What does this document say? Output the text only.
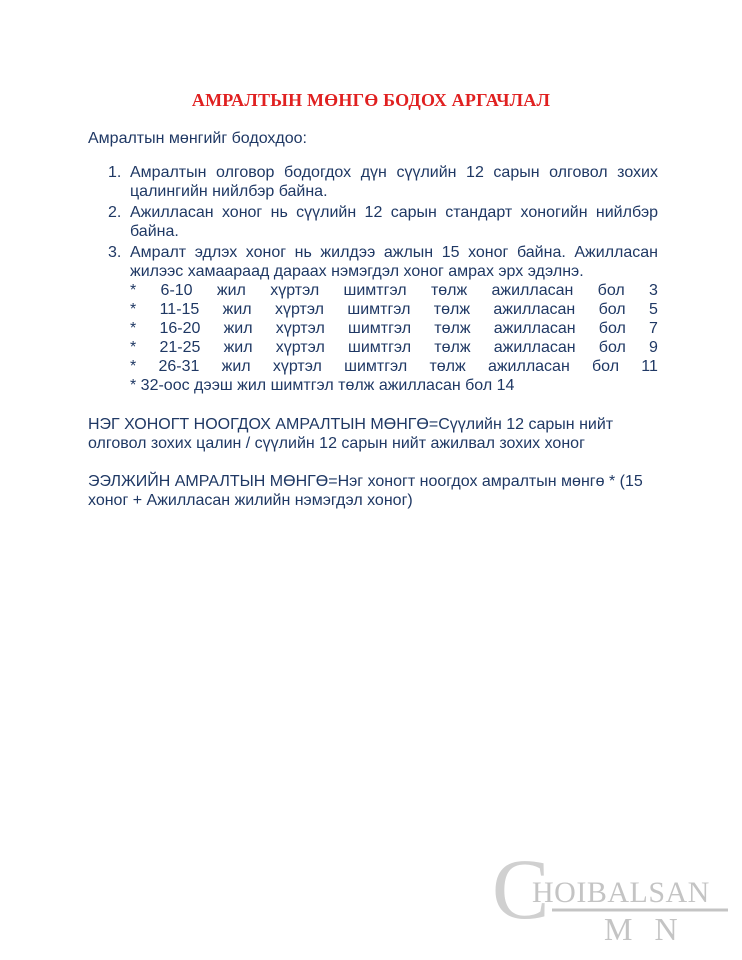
АМРАЛТЫН МӨНГӨ БОДОХ АРГАЧЛАЛ
Амралтын мөнгийг бодохдоо:
1. Амралтын олговор бодогдох дүн сүүлийн 12 сарын олговол зохих цалингийн нийлбэр байна.
2. Ажилласан хоног нь сүүлийн 12 сарын стандарт хоногийн нийлбэр байна.
3. Амралт эдлэх хоног нь жилдээ ажлын 15 хоног байна. Ажилласан жилээс хамаараад дараах нэмэгдэл хоног амрах эрх эдэлнэ.
* 6-10 жил хүртэл шимтгэл төлж ажилласан бол 3
* 11-15 жил хүртэл шимтгэл төлж ажилласан бол 5
* 16-20 жил хүртэл шимтгэл төлж ажилласан бол 7
* 21-25 жил хүртэл шимтгэл төлж ажилласан бол 9
* 26-31 жил хүртэл шимтгэл төлж ажилласан бол 11
* 32-оос дээш жил шимтгэл төлж ажилласан бол 14
НЭГ ХОНОГТ НООГДОХ АМРАЛТЫН МӨНГӨ=Сүүлийн 12 сарын нийт олговол зохих цалин / сүүлийн 12 сарын нийт ажилвал зохих хоног
ЭЭЛЖИЙН АМРАЛТЫН МӨНГӨ=Нэг хоногт ноогдох амралтын мөнгө * (15 хоног + Ажилласан жилийн нэмэгдэл хоног)
C
HOIBALSAN
MN
